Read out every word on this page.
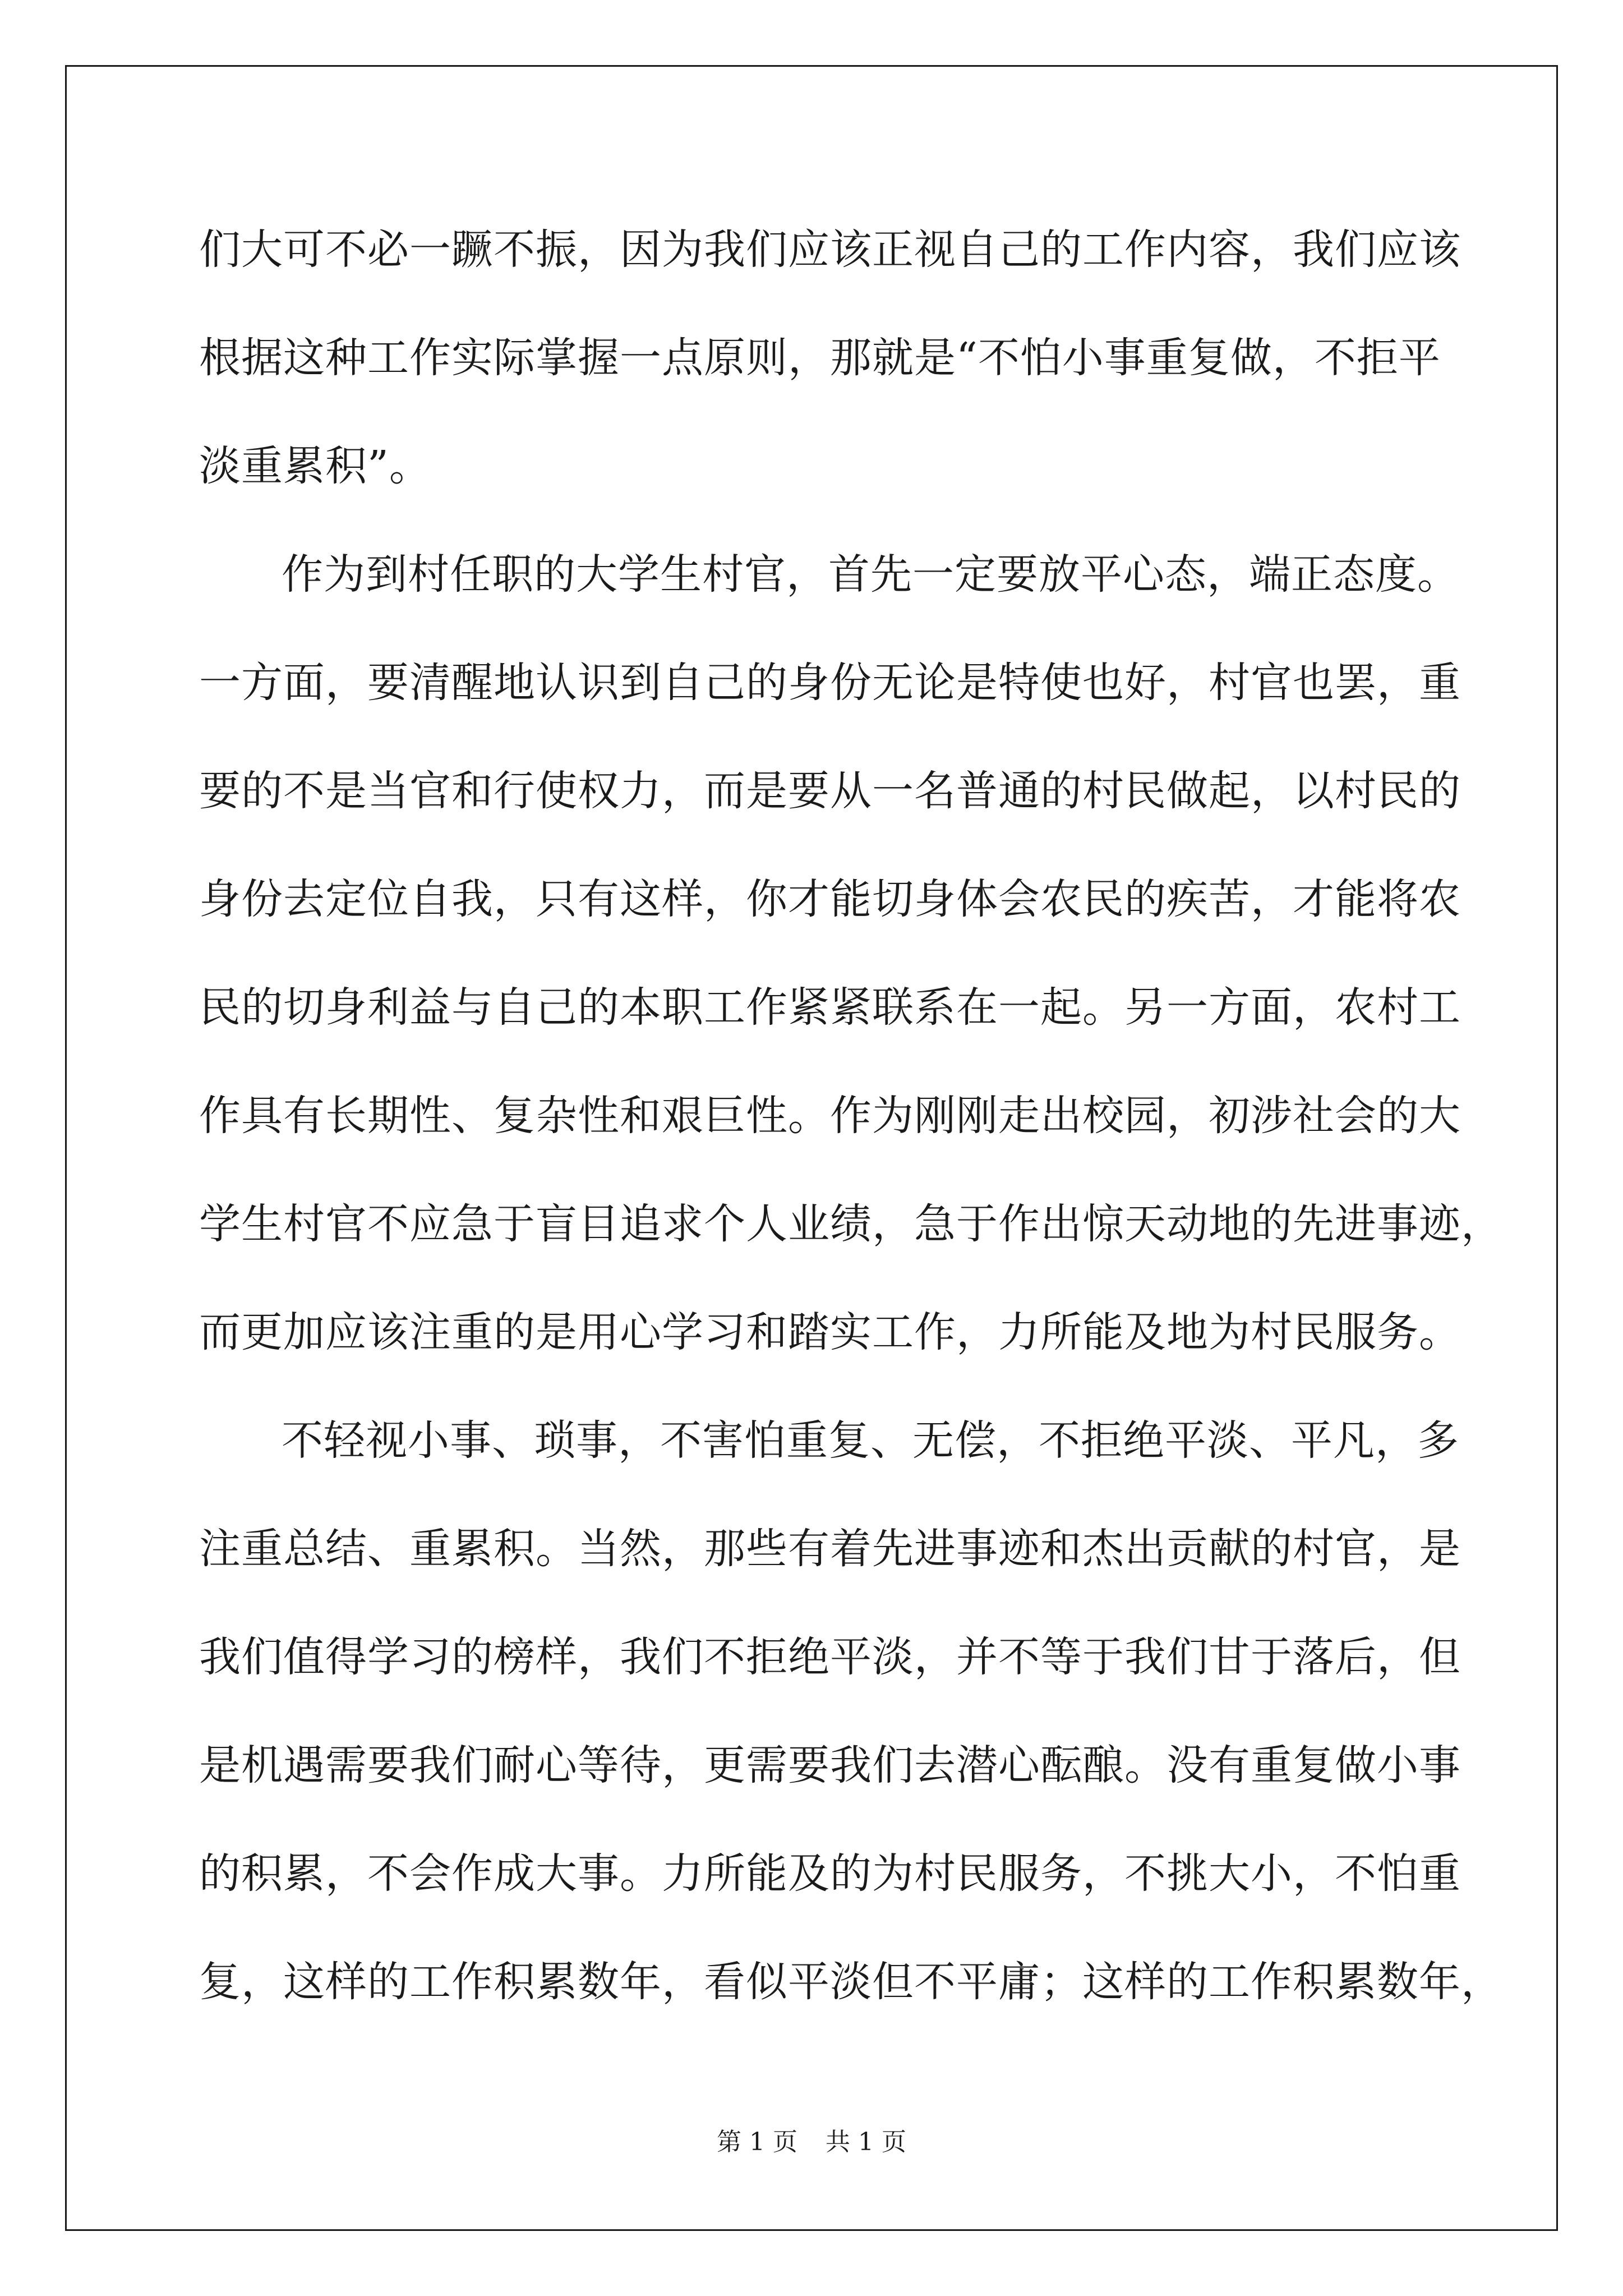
们大可不必一蹶不振，因为我们应该正视自己的工作内容，我们应该
根据这种工作实际掌握一点原则，那就是“不怕小事重复做，不拒平
淡重累积”。
作为到村任职的大学生村官，首先一定要放平心态，端正态度。
一方面，要清醒地认识到自己的身份无论是特使也好，村官也罢，重
要的不是当官和行使权力，而是要从一名普通的村民做起，以村民的
身份去定位自我，只有这样，你才能切身体会农民的疾苦，才能将农
民的切身利益与自己的本职工作紧紧联系在一起。另一方面，农村工
作具有长期性、复杂性和艰巨性。作为刚刚走出校园，初涉社会的大
学生村官不应急于盲目追求个人业绩，急于作出惊天动地的先进事迹，
而更加应该注重的是用心学习和踏实工作，力所能及地为村民服务。
不轻视小事、琐事，不害怕重复、无偿，不拒绝平淡、平凡，多
注重总结、重累积。当然，那些有着先进事迹和杰出贡献的村官，是
我们值得学习的榜样，我们不拒绝平淡，并不等于我们甘于落后，但
是机遇需要我们耐心等待，更需要我们去潜心酝酿。没有重复做小事
的积累，不会作成大事。力所能及的为村民服务，不挑大小，不怕重
复，这样的工作积累数年，看似平淡但不平庸；这样的工作积累数年，
第 1 页 共 1 页
